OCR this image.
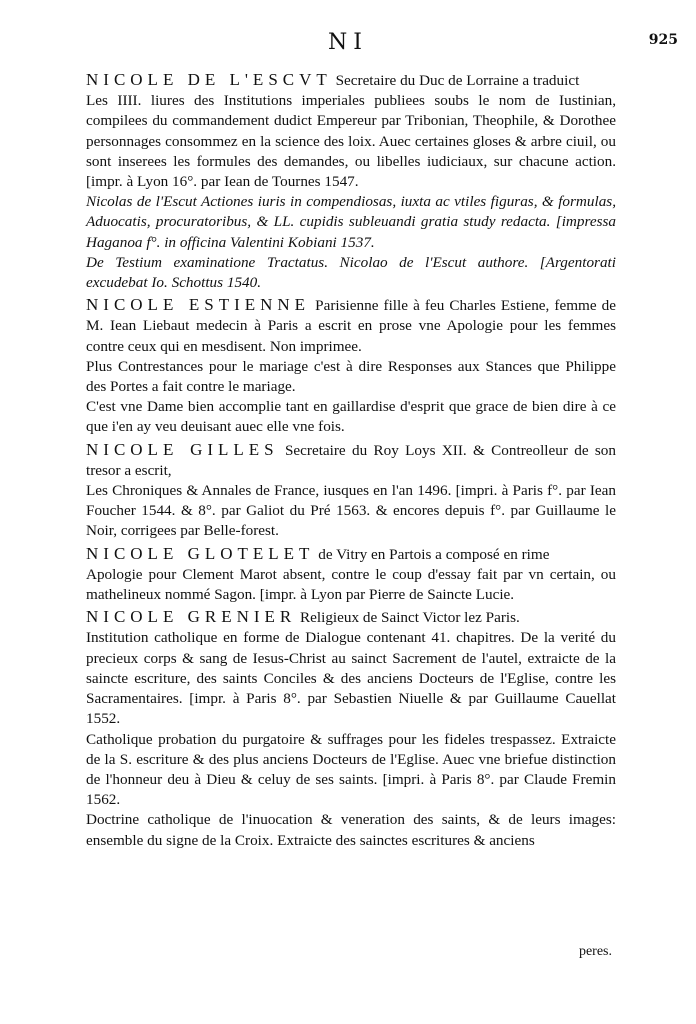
NI	925

NICOLE DE L'ESCVT Secretaire du Duc de Lorraine a traduict

Les IIII. liures des Institutions imperiales publiees soubs le nom de Iustinian, compilees du commandement dudict Empereur par Tribonian, Theophile, & Dorothee personnages consommez en la science des loix. Auec certaines gloses & arbre ciuil, ou sont inserees les formules des demandes, ou libelles iudiciaux, sur chacune action. [impr. à Lyon 16°. par Iean de Tournes 1547.

Nicolas de l'Escut Actiones iuris in compendiosas, iuxta ac vtiles figuras, & formulas, Aduocatis, procuratoribus, & LL. cupidis subleuandi gratia study redacta. [impressa Haganoa f°. in officina Valentini Kobiani 1537.

De Testium examinatione Tractatus. Nicolao de l'Escut authore. [Argentorati excudebat Io. Schottus 1540.

NICOLE ESTIENNE Parisienne fille à feu Charles Estiene, femme de M. Iean Liebaut medecin à Paris a escrit en prose vne Apologie pour les femmes contre ceux qui en mesdisent. Non imprimee.

Plus Contrestances pour le mariage c'est à dire Responses aux Stances que Philippe des Portes a fait contre le mariage.

C'est vne Dame bien accomplie tant en gaillardise d'esprit que grace de bien dire à ce que i'en ay veu deuisant auec elle vne fois.

NICOLE GILLES Secretaire du Roy Loys XII. & Contreolleur de son tresor a escrit,

Les Chroniques & Annales de France, iusques en l'an 1496. [impri. à Paris f°. par Iean Foucher 1544. & 8°. par Galiot du Pré 1563. & encores depuis f°. par Guillaume le Noir, corrigees par Belle-forest.

NICOLE GLOTELET de Vitry en Partois a composé en rime

Apologie pour Clement Marot absent, contre le coup d'essay fait par vn certain, ou mathelineux nommé Sagon. [impr. à Lyon par Pierre de Saincte Lucie.

NICOLE GRENIER Religieux de Sainct Victor lez Paris.

Institution catholique en forme de Dialogue contenant 41. chapitres. De la verité du precieux corps & sang de Iesus-Christ au sainct Sacrement de l'autel, extraicte de la saincte escriture, des saints Conciles & des anciens Docteurs de l'Eglise, contre les Sacramentaires. [impr. à Paris 8°. par Sebastien Niuelle & par Guillaume Cauellat 1552.

Catholique probation du purgatoire & suffrages pour les fideles trespassez. Extraicte de la S. escriture & des plus anciens Docteurs de l'Eglise. Auec vne briefue distinction de l'honneur deu à Dieu & celuy de ses saints. [impri. à Paris 8°. par Claude Fremin 1562.

Doctrine catholique de l'inuocation & veneration des saints, & de leurs images: ensemble du signe de la Croix. Extraicte des sainctes escritures & anciens

peres.
